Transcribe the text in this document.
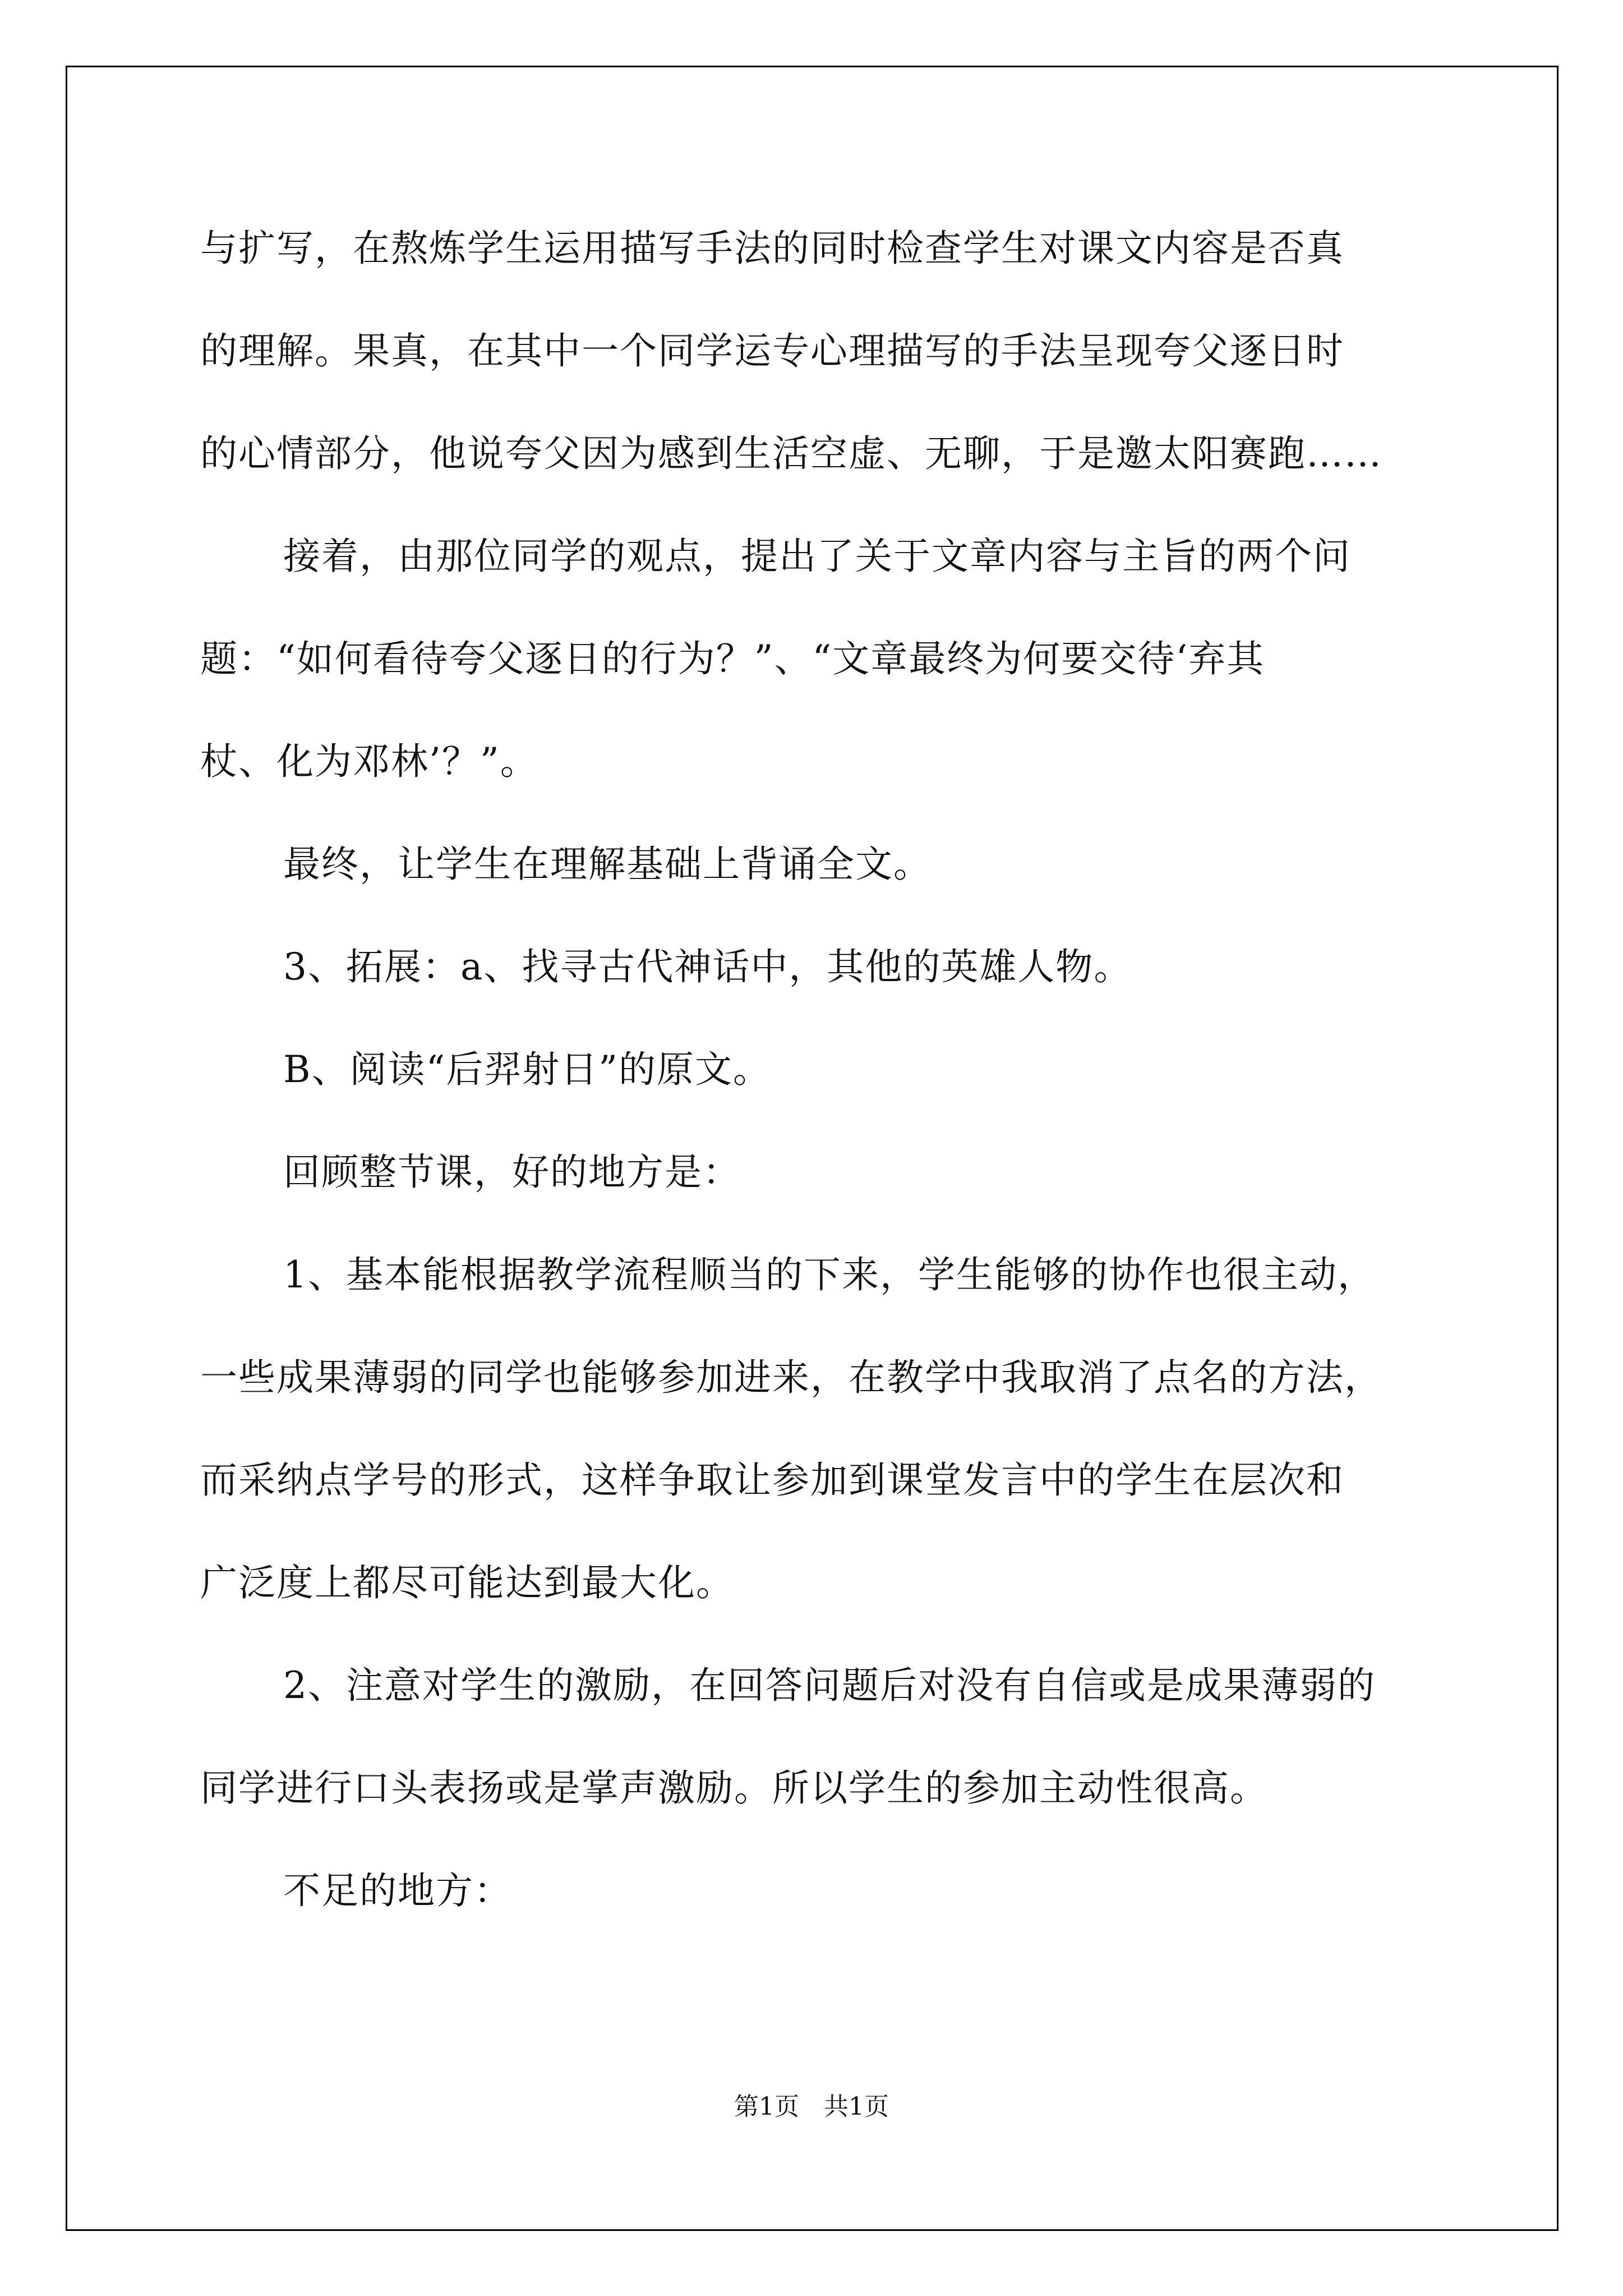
与扩写，在熬炼学生运用描写手法的同时检查学生对课文内容是否真
的理解。果真，在其中一个同学运专心理描写的手法呈现夸父逐日时
的心情部分，他说夸父因为感到生活空虚、无聊，于是邀太阳赛跑……
接着，由那位同学的观点，提出了关于文章内容与主旨的两个问
题：“如何看待夸父逐日的行为？”、“文章最终为何要交待‘弃其
杖、化为邓林’？”。
最终，让学生在理解基础上背诵全文。
3、拓展：a、找寻古代神话中，其他的英雄人物。
B、阅读“后羿射日”的原文。
回顾整节课，好的地方是：
1、基本能根据教学流程顺当的下来，学生能够的协作也很主动，
一些成果薄弱的同学也能够参加进来，在教学中我取消了点名的方法，
而采纳点学号的形式，这样争取让参加到课堂发言中的学生在层次和
广泛度上都尽可能达到最大化。
2、注意对学生的激励，在回答问题后对没有自信或是成果薄弱的
同学进行口头表扬或是掌声激励。所以学生的参加主动性很高。
不足的地方：
第1页　共1页
